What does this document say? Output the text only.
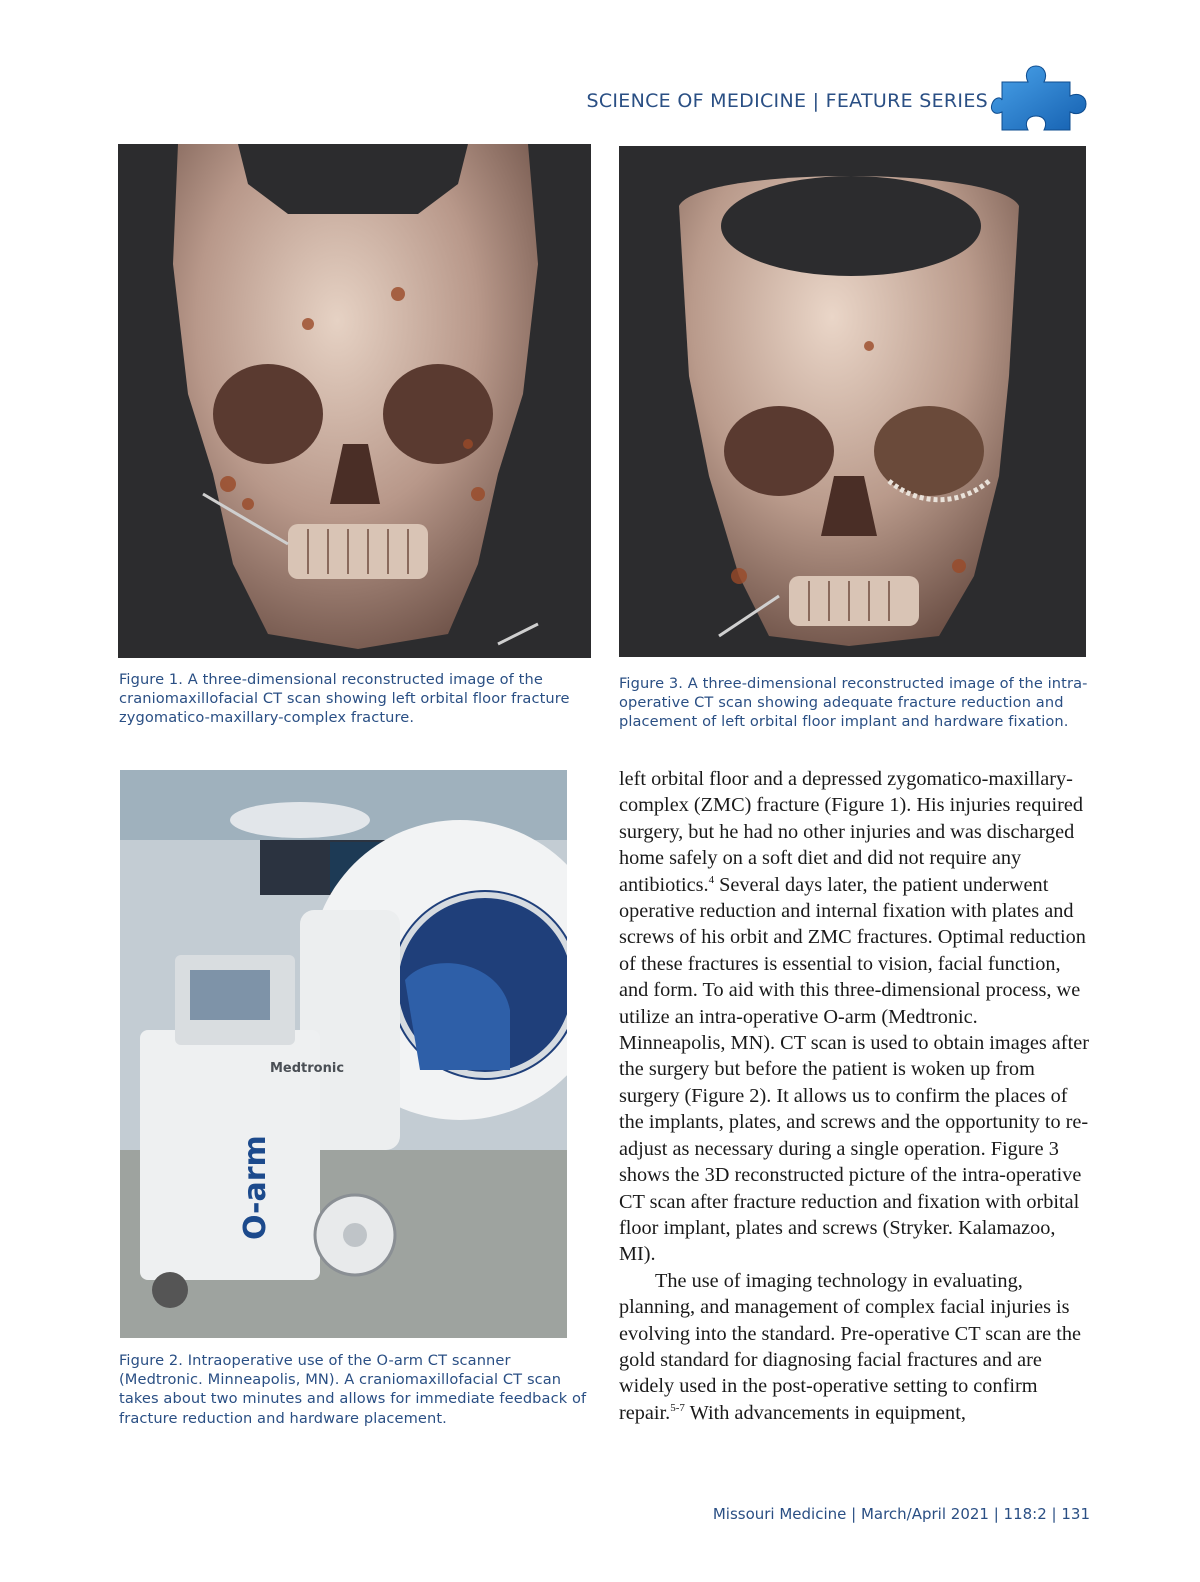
SCIENCE OF MEDICINE | FEATURE SERIES
Medtronic
O-arm
Figure 1. A three-dimensional reconstructed image of the craniomaxillofacial CT scan showing left orbital floor fracture zygomatico-maxillary-complex fracture.
Figure 3. A three-dimensional reconstructed image of the intra-operative CT scan showing adequate fracture reduction and placement of left orbital floor implant and hardware fixation.
Figure 2. Intraoperative use of the O-arm CT scanner (Medtronic. Minneapolis, MN). A craniomaxillofacial CT scan takes about two minutes and allows for immediate feedback of fracture reduction and hardware placement.

left orbital floor and a depressed zygomatico-maxillary-complex (ZMC) fracture (Figure 1). His injuries required surgery, but he had no other injuries and was discharged home safely on a soft diet and did not require any antibiotics.$^4$ Several days later, the patient underwent operative reduction and internal fixation with plates and screws of his orbit and ZMC fractures. Optimal reduction of these fractures is essential to vision, facial function, and form. To aid with this three-dimensional process, we utilize an intra-operative O-arm (Medtronic. Minneapolis, MN). CT scan is used to obtain images after the surgery but before the patient is woken up from surgery (Figure 2). It allows us to confirm the places of the implants, plates, and screws and the opportunity to re-adjust as necessary during a single operation. Figure 3 shows the 3D reconstructed picture of the intra-operative CT scan after fracture reduction and fixation with orbital floor implant, plates and screws (Stryker. Kalamazoo, MI).

The use of imaging technology in evaluating, planning, and management of complex facial injuries is evolving into the standard. Pre-operative CT scan are the gold standard for diagnosing facial fractures and are widely used in the post-operative setting to confirm repair.$^{5-7}$ With advancements in equipment,

Missouri Medicine | March/April 2021 | 118:2 | 131
